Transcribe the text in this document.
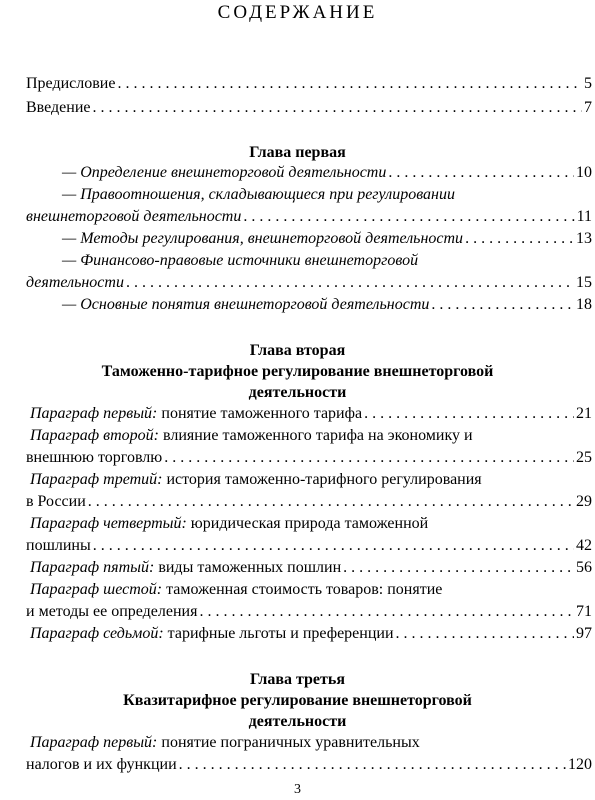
СОДЕРЖАНИЕ
Предисловие . . .	5
Введение . . .	7
Глава первая
— Определение внешнеторговой деятельности . . .	10
— Правоотношения, складывающиеся при регулировании
внешнеторговой деятельности . . .	11
— Методы регулирования, внешнеторговой деятельности . . .	13
— Финансово-правовые источники внешнеторговой
деятельности . . .	15
— Основные понятия внешнеторговой деятельности . . .	18
Глава вторая
Таможенно-тарифное регулирование внешнеторговой
деятельности
Параграф первый: понятие таможенного тарифа . . .	21
Параграф второй: влияние таможенного тарифа на экономику и
внешнюю торговлю . . .	25
Параграф третий: история таможенно-тарифного регулирования
в России . . .	29
Параграф четвертый: юридическая природа таможенной
пошлины . . .	42
Параграф пятый: виды таможенных пошлин . . .	56
Параграф шестой: таможенная стоимость товаров: понятие
и методы ее определения . . .	71
Параграф седьмой: тарифные льготы и преференции . . .	97
Глава третья
Квазитарифное регулирование внешнеторговой
деятельности
Параграф первый: понятие пограничных уравнительных
налогов и их функции . . .	120
3
